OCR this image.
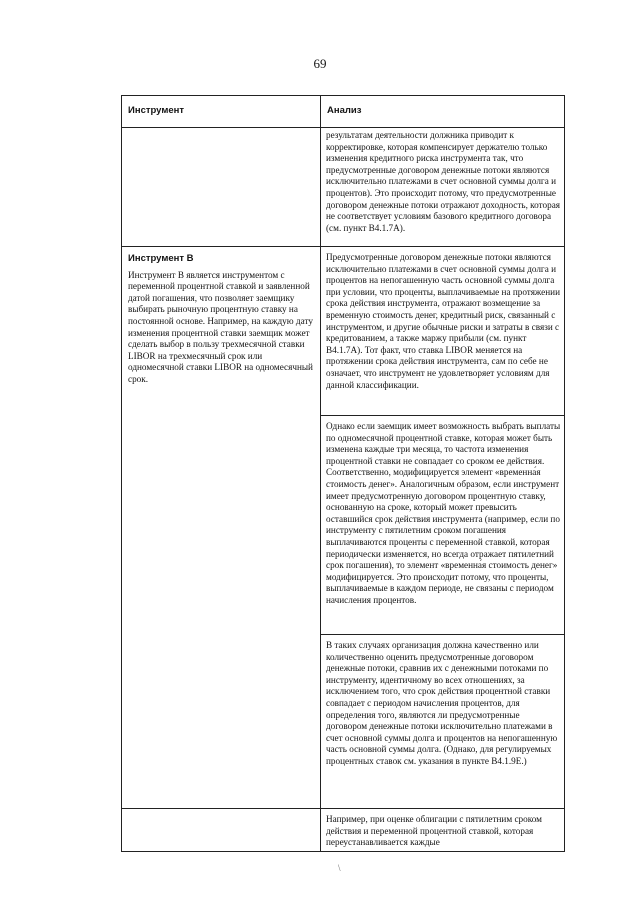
69
Инструмент	Анализ

результатам деятельности должника приводит к корректировке, которая компенсирует держателю только изменения кредитного риска инструмента так, что предусмотренные договором денежные потоки являются исключительно платежами в счет основной суммы долга и процентов). Это происходит потому, что предусмотренные договором денежные потоки отражают доходность, которая не соответствует условиям базового кредитного договора (см. пункт В4.1.7А).

Инструмент В

Инструмент В является инструментом с переменной процентной ставкой и заявленной датой погашения, что позволяет заемщику выбирать рыночную процентную ставку на постоянной основе. Например, на каждую дату изменения процентной ставки заемщик может сделать выбор в пользу трехмесячной ставки LIBOR на трехмесячный срок или одномесячной ставки LIBOR на одномесячный срок.

Предусмотренные договором денежные потоки являются исключительно платежами в счет основной суммы долга и процентов на непогашенную часть основной суммы долга при условии, что проценты, выплачиваемые на протяжении срока действия инструмента, отражают возмещение за временную стоимость денег, кредитный риск, связанный с инструментом, и другие обычные риски и затраты в связи с кредитованием, а также маржу прибыли (см. пункт В4.1.7А). Тот факт, что ставка LIBOR меняется на протяжении срока действия инструмента, сам по себе не означает, что инструмент не удовлетворяет условиям для данной классификации.

Однако если заемщик имеет возможность выбрать выплаты по одномесячной процентной ставке, которая может быть изменена каждые три месяца, то частота изменения процентной ставки не совпадает со сроком ее действия. Соответственно, модифицируется элемент «временна́я стоимость денег». Аналогичным образом, если инструмент имеет предусмотренную договором процентную ставку, основанную на сроке, который может превысить оставшийся срок действия инструмента (например, если по инструменту с пятилетним сроком погашения выплачиваются проценты с переменной ставкой, которая периодически изменяется, но всегда отражает пятилетний срок погашения), то элемент «временна́я стоимость денег» модифицируется. Это происходит потому, что проценты, выплачиваемые в каждом периоде, не связаны с периодом начисления процентов.

В таких случаях организация должна качественно или количественно оценить предусмотренные договором денежные потоки, сравнив их с денежными потоками по инструменту, идентичному во всех отношениях, за исключением того, что срок действия процентной ставки совпадает с периодом начисления процентов, для определения того, являются ли предусмотренные договором денежные потоки исключительно платежами в счет основной суммы долга и процентов на непогашенную часть основной суммы долга. (Однако, для регулируемых процентных ставок см. указания в пункте В4.1.9Е.)

Например, при оценке облигации с пятилетним сроком действия и переменной процентной ставкой, которая переустанавливается каждые

\
